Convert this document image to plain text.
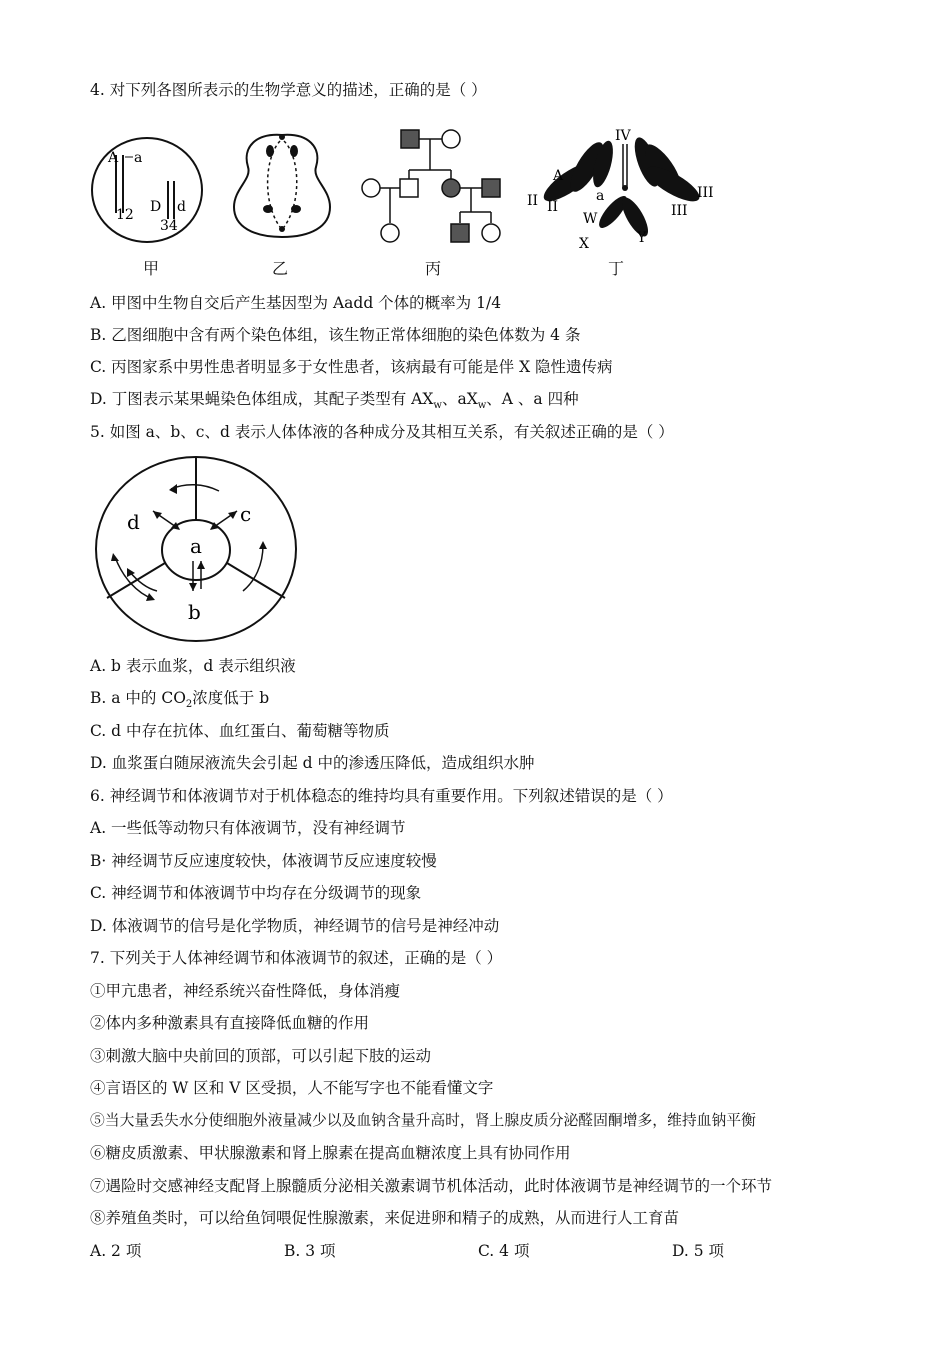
4. 对下列各图所表示的生物学意义的描述，正确的是（ ）
A a
12 D d
34
IV
II II
III
III
A
a
W
X	Y
甲	乙	丙	丁
A. 甲图中生物自交后产生基因型为 Aadd 个体的概率为 1/4
B. 乙图细胞中含有两个染色体组，该生物正常体细胞的染色体数为 4 条
C. 丙图家系中男性患者明显多于女性患者，该病最有可能是伴 X 隐性遗传病
D. 丁图表示某果蝇染色体组成，其配子类型有 $AX_w$、$aX_w$、A 、a 四种
5. 如图 a、b、c、d 表示人体体液的各种成分及其相互关系，有关叙述正确的是（ ）
d	c
a
b
A. b 表示血浆，d 表示组织液
B. a 中的 $CO_2$浓度低于 b
C. d 中存在抗体、血红蛋白、葡萄糖等物质
D. 血浆蛋白随尿液流失会引起 d 中的渗透压降低，造成组织水肿
6. 神经调节和体液调节对于机体稳态的维持均具有重要作用。下列叙述错误的是（ ）
A. 一些低等动物只有体液调节，没有神经调节
B· 神经调节反应速度较快，体液调节反应速度较慢
C. 神经调节和体液调节中均存在分级调节的现象
D. 体液调节的信号是化学物质，神经调节的信号是神经冲动
7. 下列关于人体神经调节和体液调节的叙述，正确的是（ ）
①甲亢患者，神经系统兴奋性降低，身体消瘦
②体内多种激素具有直接降低血糖的作用
③刺激大脑中央前回的顶部，可以引起下肢的运动
④言语区的 W 区和 V 区受损，人不能写字也不能看懂文字
⑤当大量丢失水分使细胞外液量减少以及血钠含量升高时，肾上腺皮质分泌醛固酮增多，维持血钠平衡
⑥糖皮质激素、甲状腺激素和肾上腺素在提高血糖浓度上具有协同作用
⑦遇险时交感神经支配肾上腺髓质分泌相关激素调节机体活动，此时体液调节是神经调节的一个环节
⑧养殖鱼类时，可以给鱼饲喂促性腺激素，来促进卵和精子的成熟，从而进行人工育苗
A. 2 项	B. 3 项	C. 4 项	D. 5 项
